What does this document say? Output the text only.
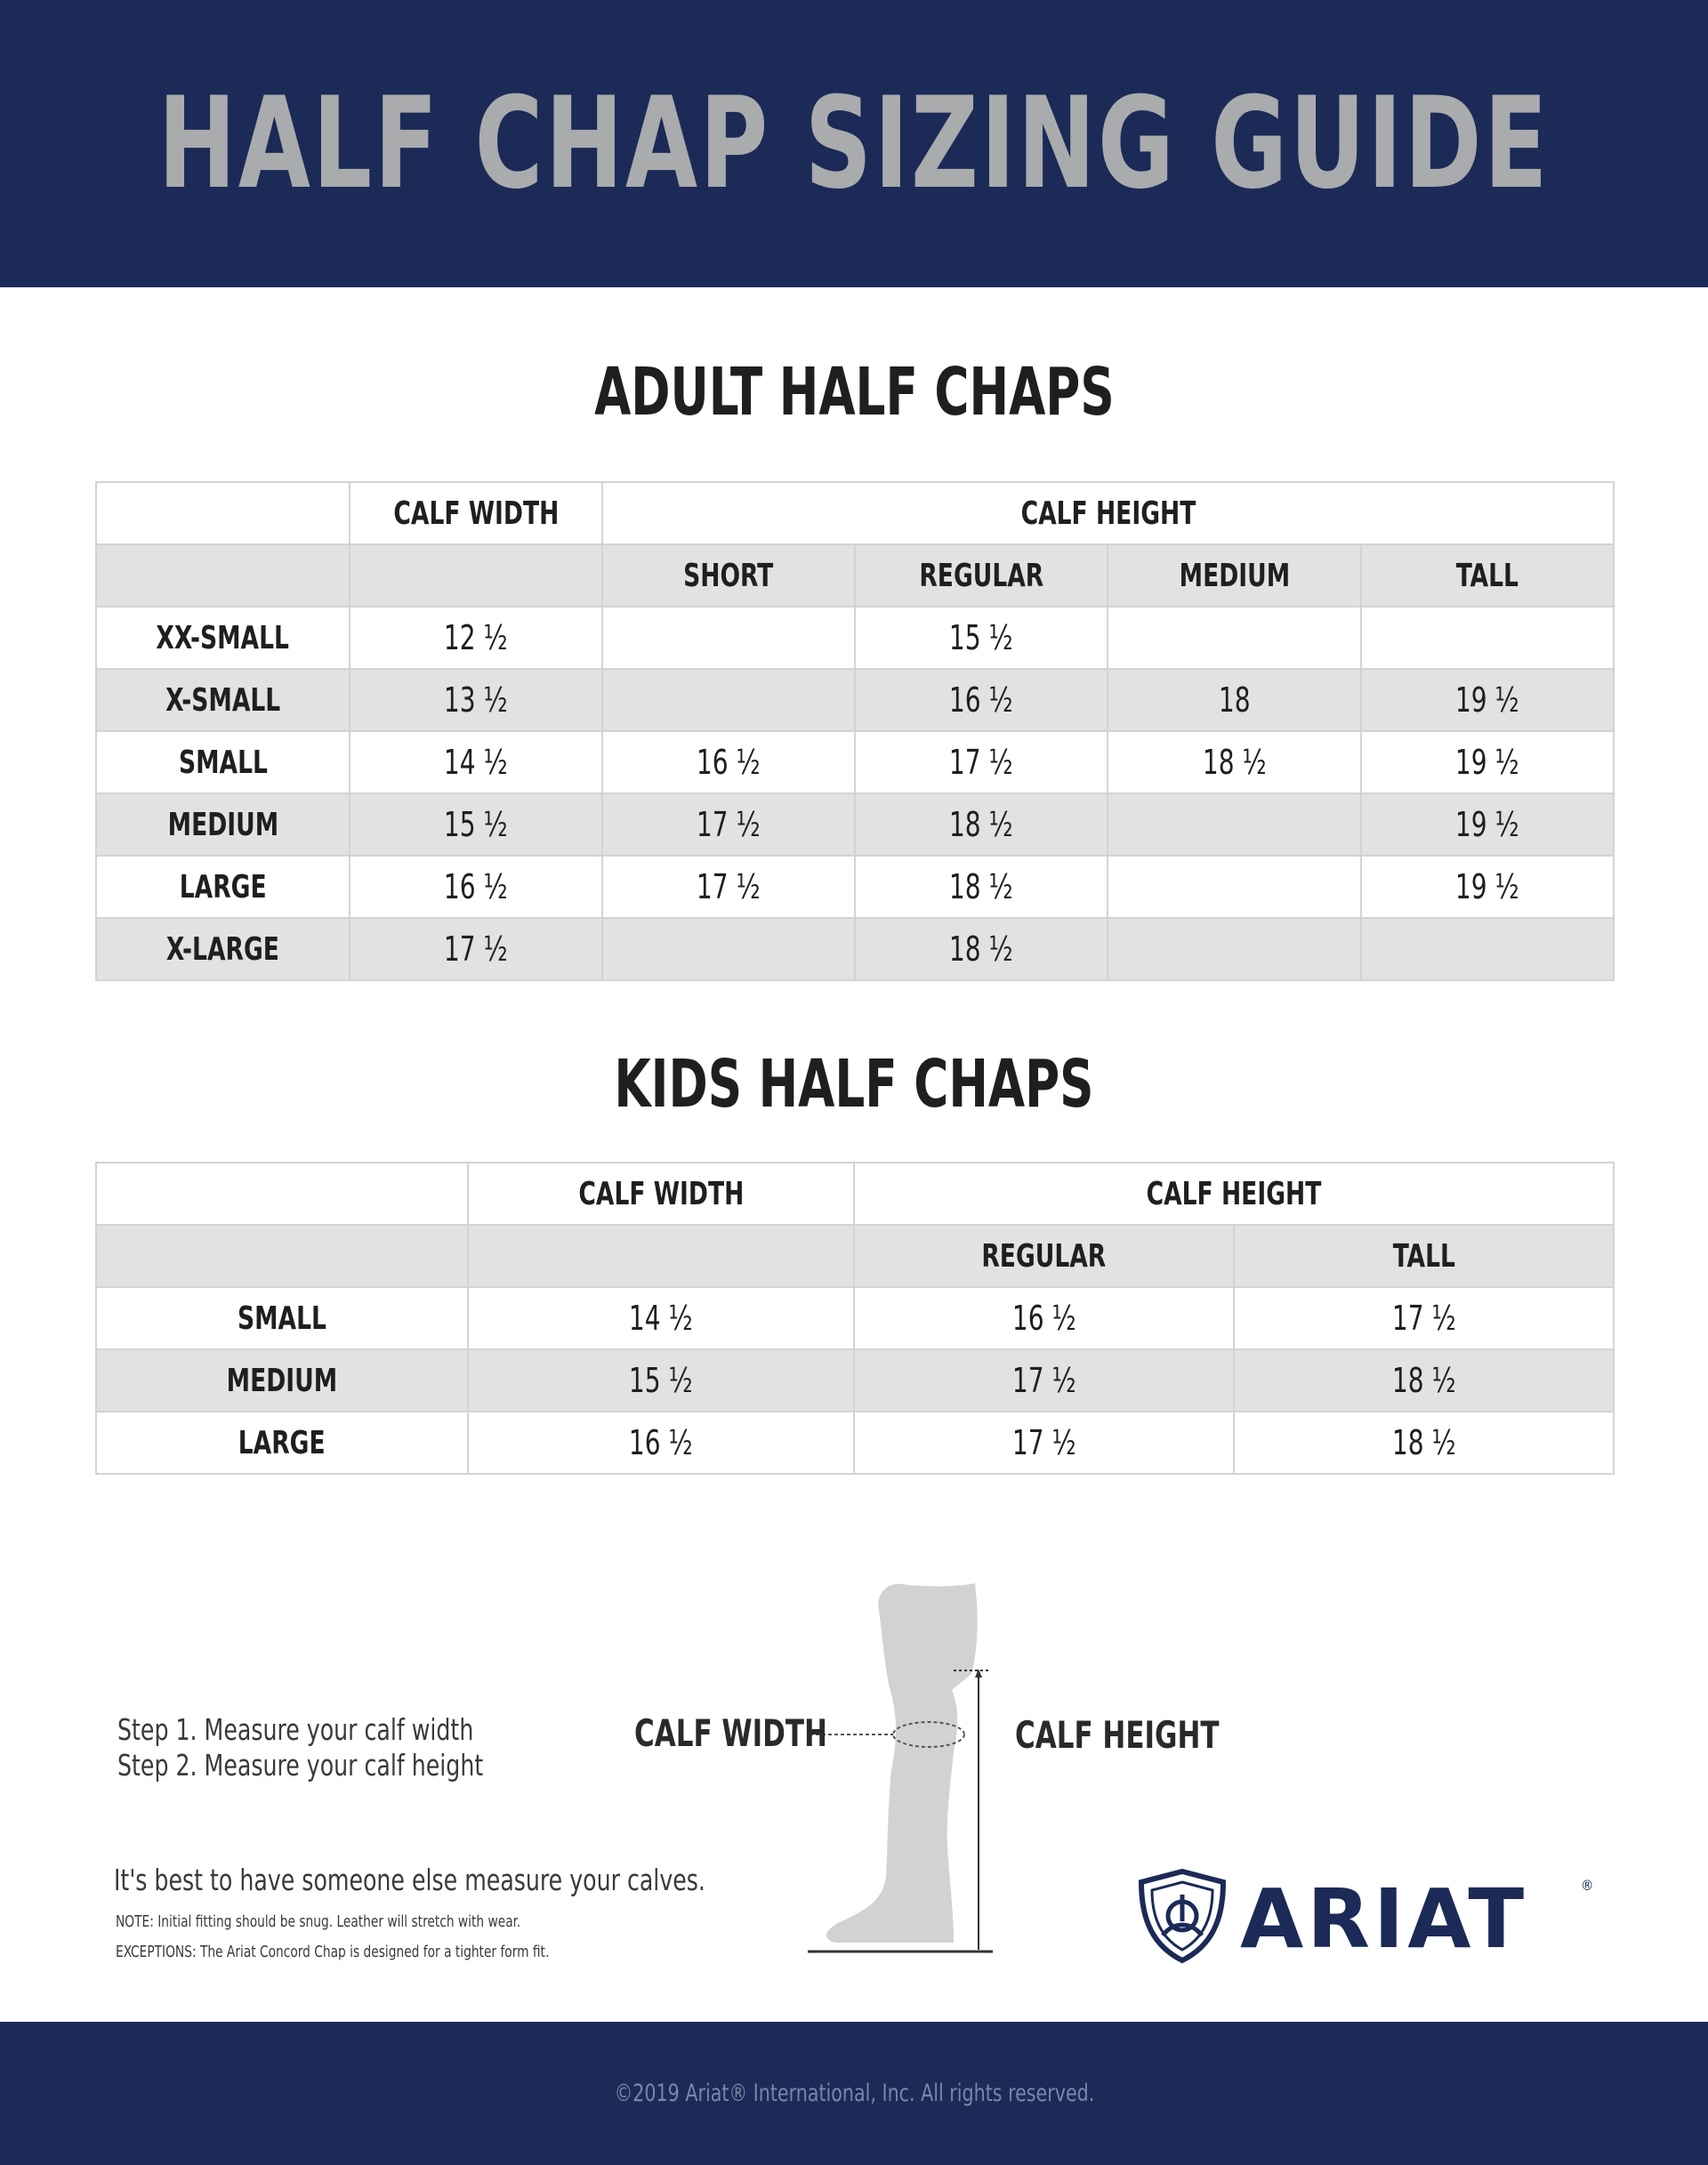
HALF CHAP SIZING GUIDE
ADULT HALF CHAPS
	CALF WIDTH	CALF HEIGHT			
		SHORT	REGULAR	MEDIUM	TALL
XX-SMALL	12 ½		15 ½		
X-SMALL	13 ½		16 ½	18	19 ½
SMALL	14 ½	16 ½	17 ½	18 ½	19 ½
MEDIUM	15 ½	17 ½	18 ½		19 ½
LARGE	16 ½	17 ½	18 ½		19 ½
X-LARGE	17 ½		18 ½		
KIDS HALF CHAPS
	CALF WIDTH	CALF HEIGHT	
		REGULAR	TALL
SMALL	14 ½	16 ½	17 ½
MEDIUM	15 ½	17 ½	18 ½
LARGE	16 ½	17 ½	18 ½
Step 1. Measure your calf width
Step 2. Measure your calf height
It's best to have someone else measure your calves.
NOTE: Initial fitting should be snug. Leather will stretch with wear.
EXCEPTIONS: The Ariat Concord Chap is designed for a tighter form fit.
CALF WIDTH	CALF HEIGHT
ARIAT	®
©2019 Ariat® International, Inc. All rights reserved.
